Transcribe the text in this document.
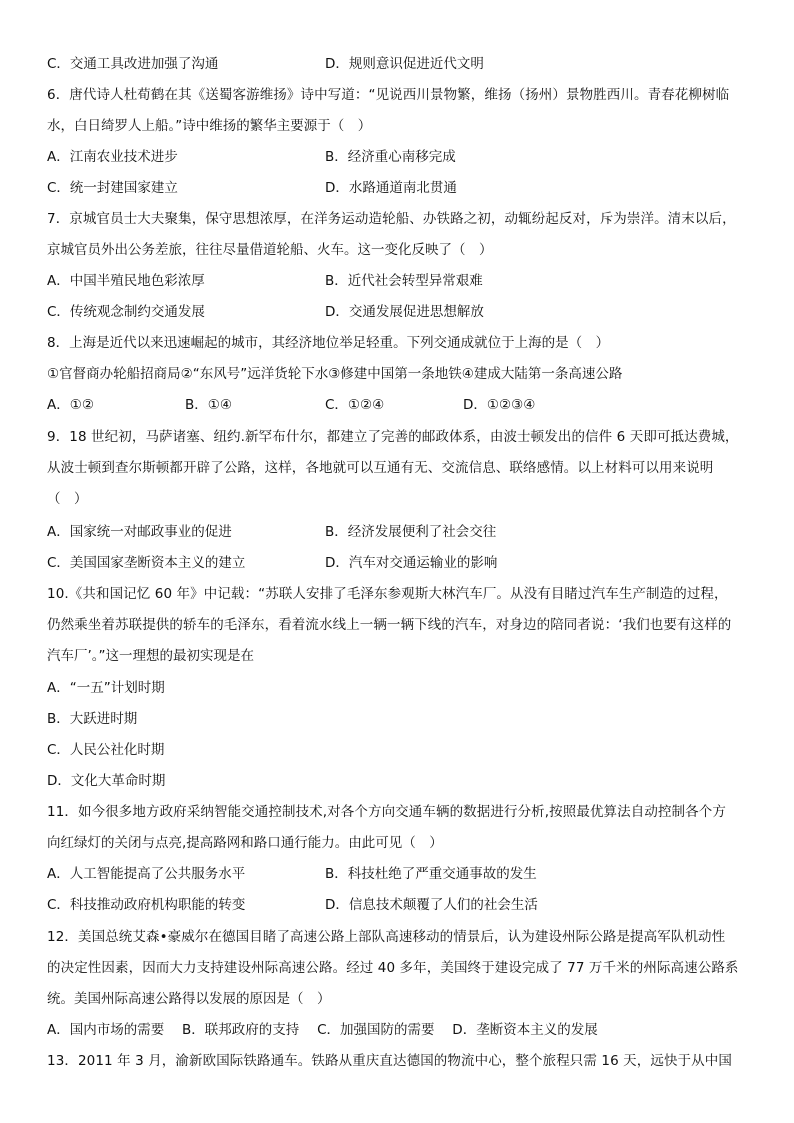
C．交通工具改进加强了沟通	D．规则意识促进近代文明
6．唐代诗人杜荀鹤在其《送蜀客游维扬》诗中写道：“见说西川景物繁，维扬（扬州）景物胜西川。青春花柳树临
水，白日绮罗人上船。”诗中维扬的繁华主要源于（　）
A．江南农业技术进步	B．经济重心南移完成
C．统一封建国家建立	D．水路通道南北贯通
7．京城官员士大夫聚集，保守思想浓厚，在洋务运动造轮船、办铁路之初，动辄纷起反对，斥为崇洋。清末以后，
京城官员外出公务差旅，往往尽量借道轮船、火车。这一变化反映了（　）
A．中国半殖民地色彩浓厚	B．近代社会转型异常艰难
C．传统观念制约交通发展	D．交通发展促进思想解放
8．上海是近代以来迅速崛起的城市，其经济地位举足轻重。下列交通成就位于上海的是（　）
①官督商办轮船招商局②“东风号”远洋货轮下水③修建中国第一条地铁④建成大陆第一条高速公路
A．①②	B．①④	C．①②④	D．①②③④
9．18 世纪初，马萨诸塞、纽约.新罕布什尔，都建立了完善的邮政体系，由波士顿发出的信件 6 天即可抵达费城，
从波士顿到查尔斯顿都开辟了公路，这样，各地就可以互通有无、交流信息、联络感情。以上材料可以用来说明
（　）
A．国家统一对邮政事业的促进	B．经济发展便利了社会交往
C．美国国家垄断资本主义的建立	D．汽车对交通运输业的影响
10.《共和国记忆 60 年》中记载：“苏联人安排了毛泽东参观斯大林汽车厂。从没有目睹过汽车生产制造的过程，
仍然乘坐着苏联提供的轿车的毛泽东，看着流水线上一辆一辆下线的汽车，对身边的陪同者说：‘我们也要有这样的
汽车厂’。”这一理想的最初实现是在
A．“一五”计划时期
B．大跃进时期
C．人民公社化时期
D．文化大革命时期
11．如今很多地方政府采纳智能交通控制技术,对各个方向交通车辆的数据进行分析,按照最优算法自动控制各个方
向红绿灯的关闭与点亮,提高路网和路口通行能力。由此可见（　）
A．人工智能提高了公共服务水平	B．科技杜绝了严重交通事故的发生
C．科技推动政府机构职能的转变	D．信息技术颠覆了人们的社会生活
12．美国总统艾森•豪威尔在德国目睹了高速公路上部队高速移动的情景后，认为建设州际公路是提高军队机动性
的决定性因素，因而大力支持建设州际高速公路。经过 40 多年，美国终于建设完成了 77 万千米的州际高速公路系
统。美国州际高速公路得以发展的原因是（　）
A．国内市场的需要　 B．联邦政府的支持　 C．加强国防的需要　 D．垄断资本主义的发展
13．2011 年 3 月，渝新欧国际铁路通车。铁路从重庆直达德国的物流中心，整个旅程只需 16 天，远快于从中国
